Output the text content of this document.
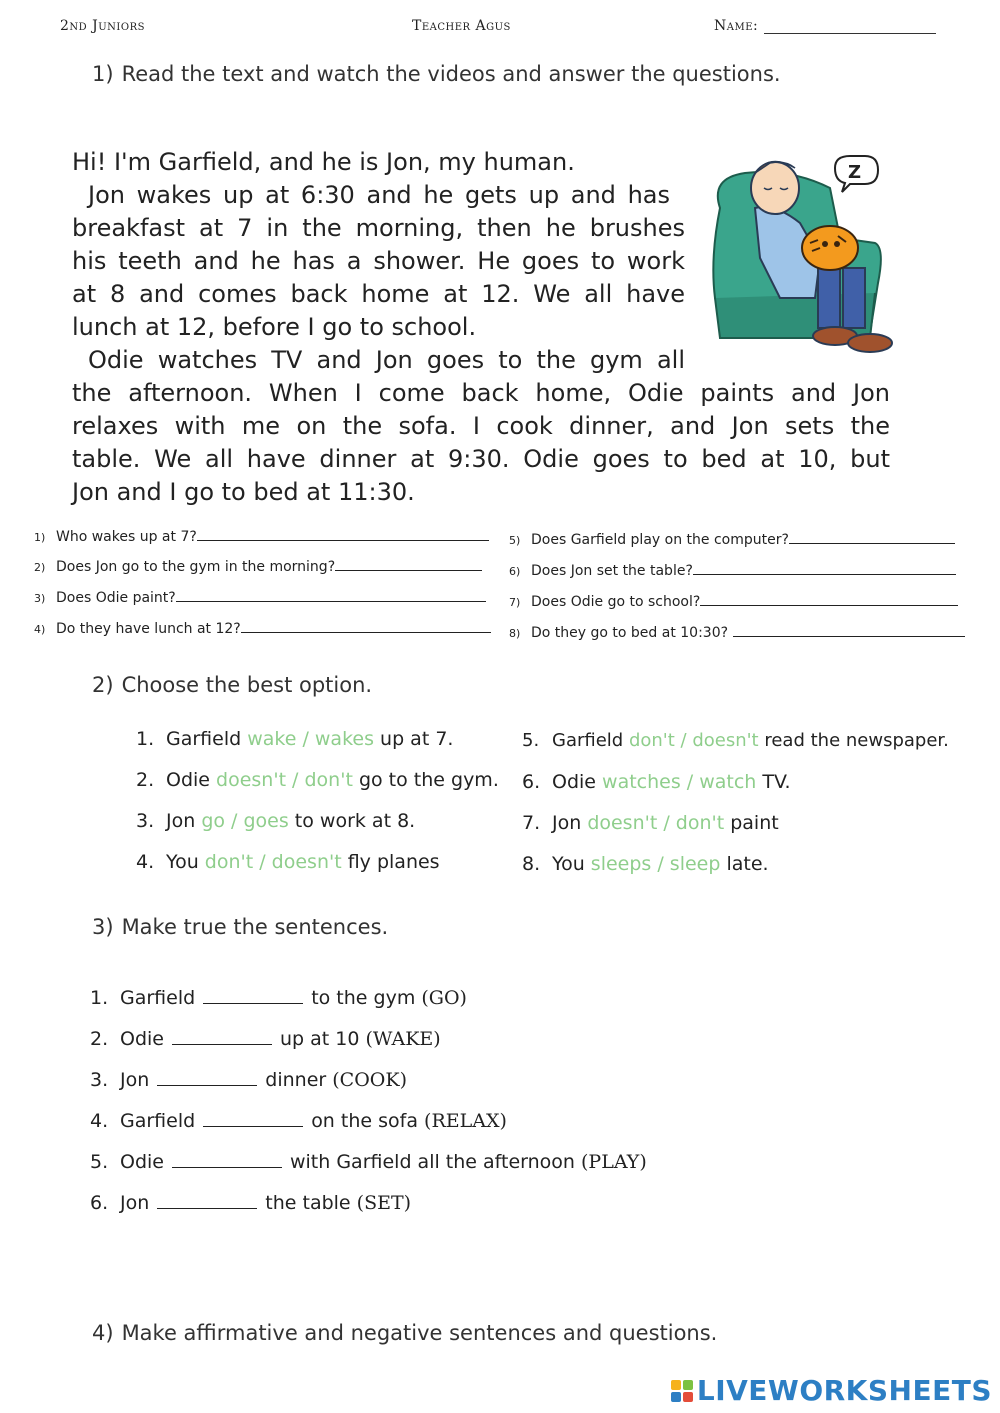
2nd Juniors	Teacher Agus	Name:
1) Read the text and watch the videos and answer the questions.

Hi! I'm Garfield, and he is Jon, my human.

Jon wakes up at 6:30 and he gets up and has

breakfast at 7 in the morning, then he brushes

his teeth and he has a shower. He goes to work

at 8 and comes back home at 12. We all have

lunch at 12, before I go to school.

Odie watches TV and Jon goes to the gym all

the afternoon. When I come back home, Odie paints and Jon

relaxes with me on the sofa. I cook dinner, and Jon sets the

table. We all have dinner at 9:30. Odie goes to bed at 10, but

Jon and I go to bed at 11:30.

Z
1) Who wakes up at 7?
2) Does Jon go to the gym in the morning?
3) Does Odie paint?
4) Do they have lunch at 12?
5) Does Garfield play on the computer?
6) Does Jon set the table?
7) Does Odie go to school?
8) Do they go to bed at 10:30?
2) Choose the best option.
1. Garfield wake / wakes up at 7.
2. Odie doesn't / don't go to the gym.
3. Jon go / goes to work at 8.
4. You don't / doesn't fly planes
5. Garfield don't / doesn't read the newspaper.
6. Odie watches / watch TV.
7. Jon doesn't / don't paint
8. You sleeps / sleep late.
3) Make true the sentences.
1. Garfield	to the gym (GO)
2. Odie	up at 10 (WAKE)
3. Jon	dinner (COOK)
4. Garfield	on the sofa (RELAX)
5. Odie	with Garfield all the afternoon (PLAY)
6. Jon	the table (SET)
4) Make affirmative and negative sentences and questions.
LIVEWORKSHEETS
